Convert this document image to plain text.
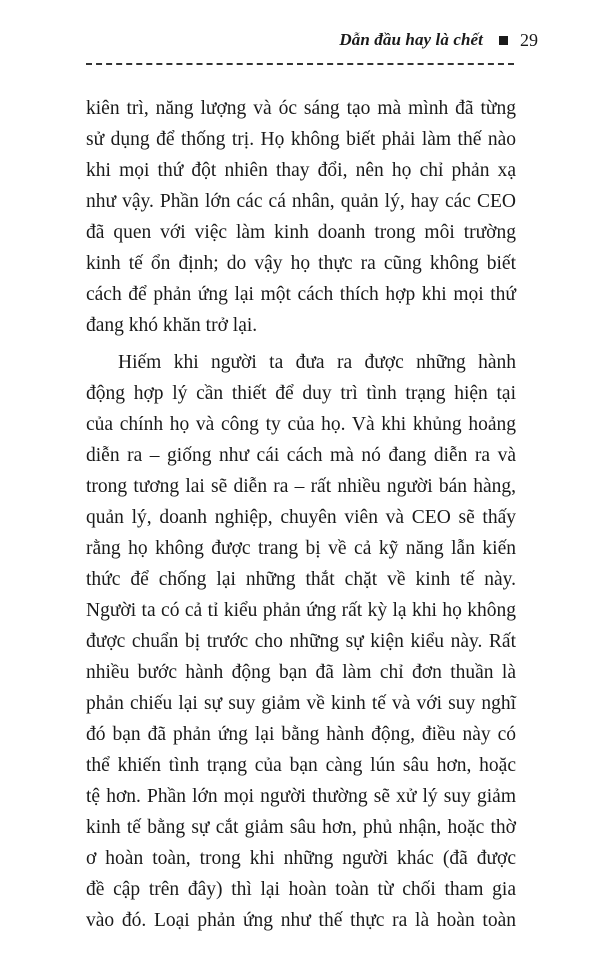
Dẫn đầu hay là chết 29
kiên trì, năng lượng và óc sáng tạo mà mình đã từng
sử dụng để thống trị. Họ không biết phải làm thế nào
khi mọi thứ đột nhiên thay đổi, nên họ chỉ phản xạ
như vậy. Phần lớn các cá nhân, quản lý, hay các CEO
đã quen với việc làm kinh doanh trong môi trường
kinh tế ổn định; do vậy họ thực ra cũng không biết
cách để phản ứng lại một cách thích hợp khi mọi thứ
đang khó khăn trở lại.
Hiếm khi người ta đưa ra được những hành
động hợp lý cần thiết để duy trì tình trạng hiện tại
của chính họ và công ty của họ. Và khi khủng hoảng
diễn ra – giống như cái cách mà nó đang diễn ra và
trong tương lai sẽ diễn ra – rất nhiều người bán hàng,
quản lý, doanh nghiệp, chuyên viên và CEO sẽ thấy
rằng họ không được trang bị về cả kỹ năng lẫn kiến
thức để chống lại những thắt chặt về kinh tế này.
Người ta có cả tỉ kiểu phản ứng rất kỳ lạ khi họ không
được chuẩn bị trước cho những sự kiện kiểu này. Rất
nhiều bước hành động bạn đã làm chỉ đơn thuần là
phản chiếu lại sự suy giảm về kinh tế và với suy nghĩ
đó bạn đã phản ứng lại bằng hành động, điều này có
thể khiến tình trạng của bạn càng lún sâu hơn, hoặc
tệ hơn. Phần lớn mọi người thường sẽ xử lý suy giảm
kinh tế bằng sự cắt giảm sâu hơn, phủ nhận, hoặc thờ
ơ hoàn toàn, trong khi những người khác (đã được
đề cập trên đây) thì lại hoàn toàn từ chối tham gia
vào đó. Loại phản ứng như thế thực ra là hoàn toàn
